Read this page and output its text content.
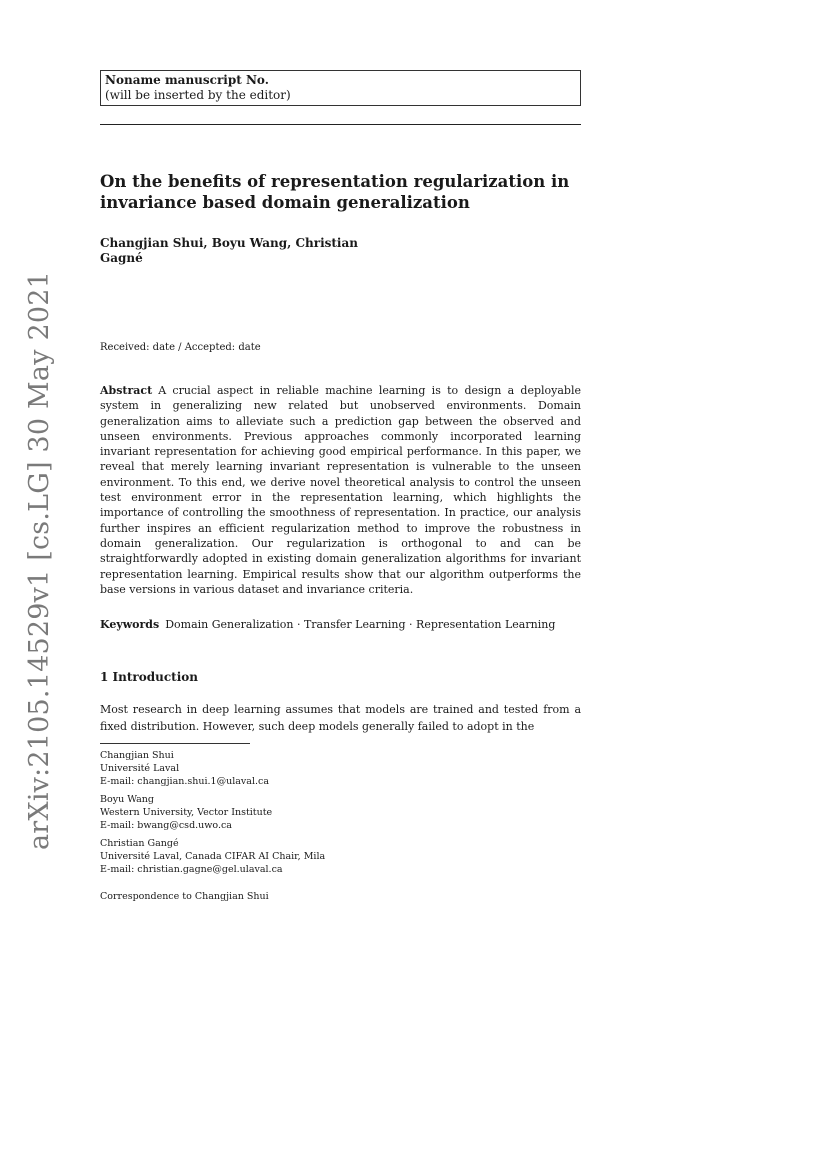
Noname manuscript No.
(will be inserted by the editor)
On the benefits of representation regularization in
invariance based domain generalization
Changjian Shui, Boyu Wang, Christian
Gagné
Received: date / Accepted: date
Abstract A crucial aspect in reliable machine learning is to design a deployable system in generalizing new related but unobserved environments. Domain generalization aims to alleviate such a prediction gap between the observed and unseen environments. Previous approaches commonly incorporated learning invariant representation for achieving good empirical performance. In this paper, we reveal that merely learning invariant representation is vulnerable to the unseen environment. To this end, we derive novel theoretical analysis to control the unseen test environment error in the representation learning, which highlights the importance of controlling the smoothness of representation. In practice, our analysis further inspires an efficient regularization method to improve the robustness in domain generalization. Our regularization is orthogonal to and can be straightforwardly adopted in existing domain generalization algorithms for invariant representation learning. Empirical results show that our algorithm outperforms the base versions in various dataset and invariance criteria.
Keywords Domain Generalization · Transfer Learning · Representation Learning
1 Introduction
Most research in deep learning assumes that models are trained and tested from a fixed distribution. However, such deep models generally failed to adopt in the
Changjian Shui
Université Laval
E-mail: changjian.shui.1@ulaval.ca
Boyu Wang
Western University, Vector Institute
E-mail: bwang@csd.uwo.ca
Christian Gangé
Université Laval, Canada CIFAR AI Chair, Mila
E-mail: christian.gagne@gel.ulaval.ca
Correspondence to Changjian Shui
arXiv:2105.14529v1 [cs.LG] 30 May 2021
